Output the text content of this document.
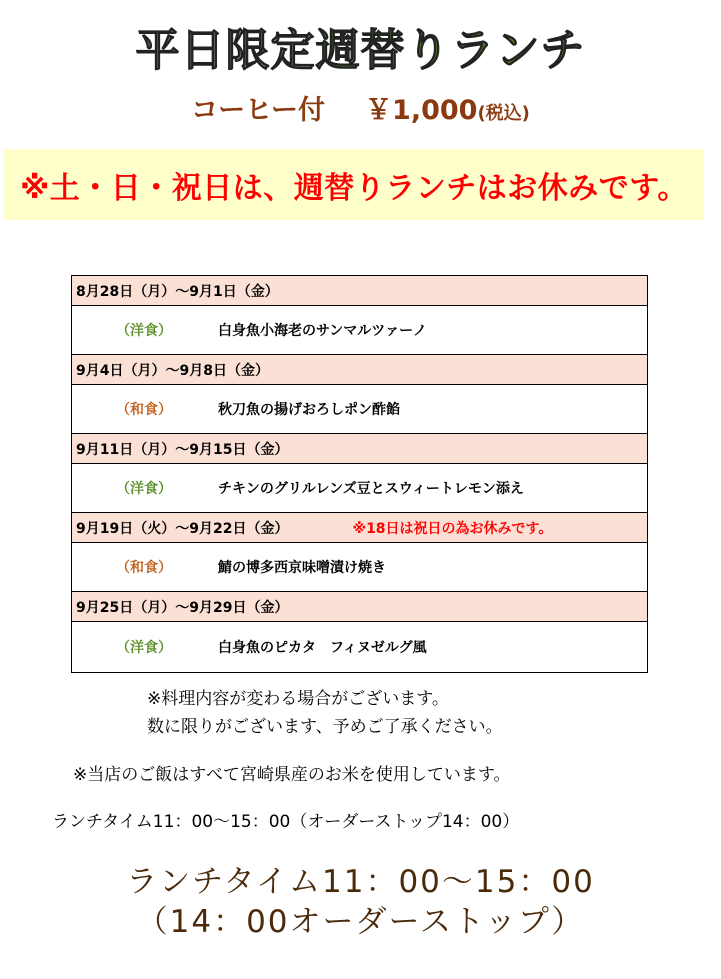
平日限定週替りランチ
コーヒー付 ￥1,000(税込)
※土・日・祝日は、週替りランチはお休みです。
8月28日（月）～9月1日（金）
（洋食）	白身魚小海老のサンマルツァーノ
9月4日（月）～9月8日（金）
（和食）	秋刀魚の揚げおろしポン酢餡
9月11日（月）～9月15日（金）
（洋食）	チキンのグリルレンズ豆とスウィートレモン添え
9月19日（火）～9月22日（金）	※18日は祝日の為お休みです。
（和食）	鯖の博多西京味噌漬け焼き
9月25日（月）～9月29日（金）
（洋食）	白身魚のピカタ　フィヌゼルグ風
※料理内容が変わる場合がございます。
数に限りがございます、予めご了承ください。
※当店のご飯はすべて宮崎県産のお米を使用しています。
ランチタイム11：00～15：00（オーダーストップ14：00）
ランチタイム11：00～15：00
（14：00オーダーストップ）
